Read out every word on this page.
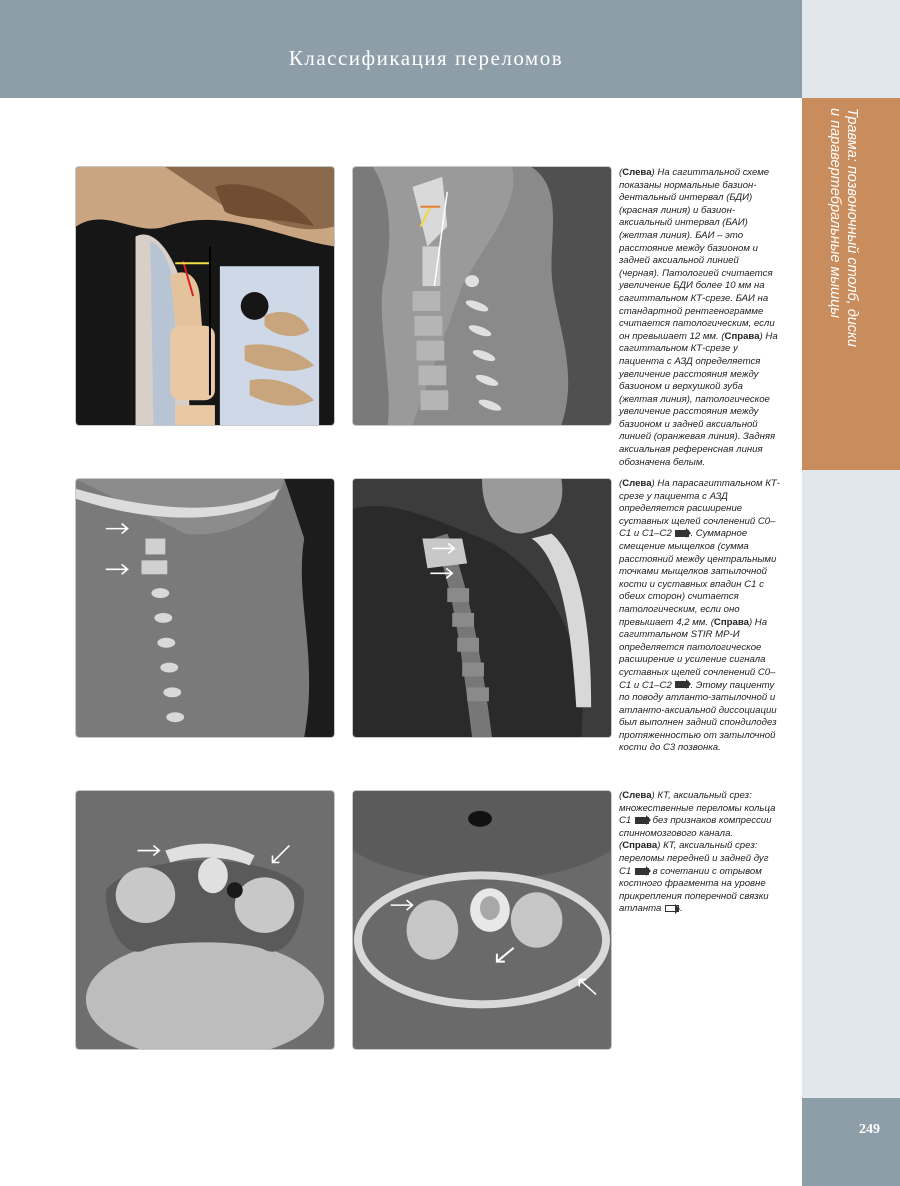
Классификация переломов
Травма: позвоночный столб, диски
и паравертебральные мышцы
249
(Слева) На сагиттальной схеме показаны нормальные базион-дентальный интервал (БДИ) (красная линия) и базион-аксиальный интервал (БАИ) (желтая линия). БАИ – это расстояние между базионом и задней аксиальной линией (черная). Патологией считается увеличение БДИ более 10 мм на сагиттальном КТ-срезе. БАИ на стандартной рентгенограмме считается патологическим, если он превышает 12 мм. (Справа) На сагиттальном КТ-срезе у пациента с АЗД определяется увеличение расстояния между базионом и верхушкой зуба (желтая линия), патологическое увеличение расстояния между базионом и задней аксиальной линией (оранжевая линия). Задняя аксиальная референсная линия обозначена белым.
(Слева) На парасагиттальном КТ-срезе у пациента с АЗД определяется расширение суставных щелей сочленений С0–С1 и С1–С2 . Суммарное смещение мыщелков (сумма расстояний между центральными точками мыщелков затылочной кости и суставных впадин С1 с обеих сторон) считается патологическим, если оно превышает 4,2 мм. (Справа) На сагиттальном STIR МР-И определяется патологическое расширение и усиление сигнала суставных щелей сочленений С0–С1 и С1–С2 . Этому пациенту по поводу атланто-затылочной и атланто-аксиальной диссоциации был выполнен задний спондилодез протяженностью от затылочной кости до С3 позвонка.
(Слева) КТ, аксиальный срез: множественные переломы кольца С1  без признаков компрессии спинномозгового канала.
(Справа) КТ, аксиальный срез: переломы передней и задней дуг С1  в сочетании с отрывом костного фрагмента на уровне прикрепления поперечной связки атланта .
